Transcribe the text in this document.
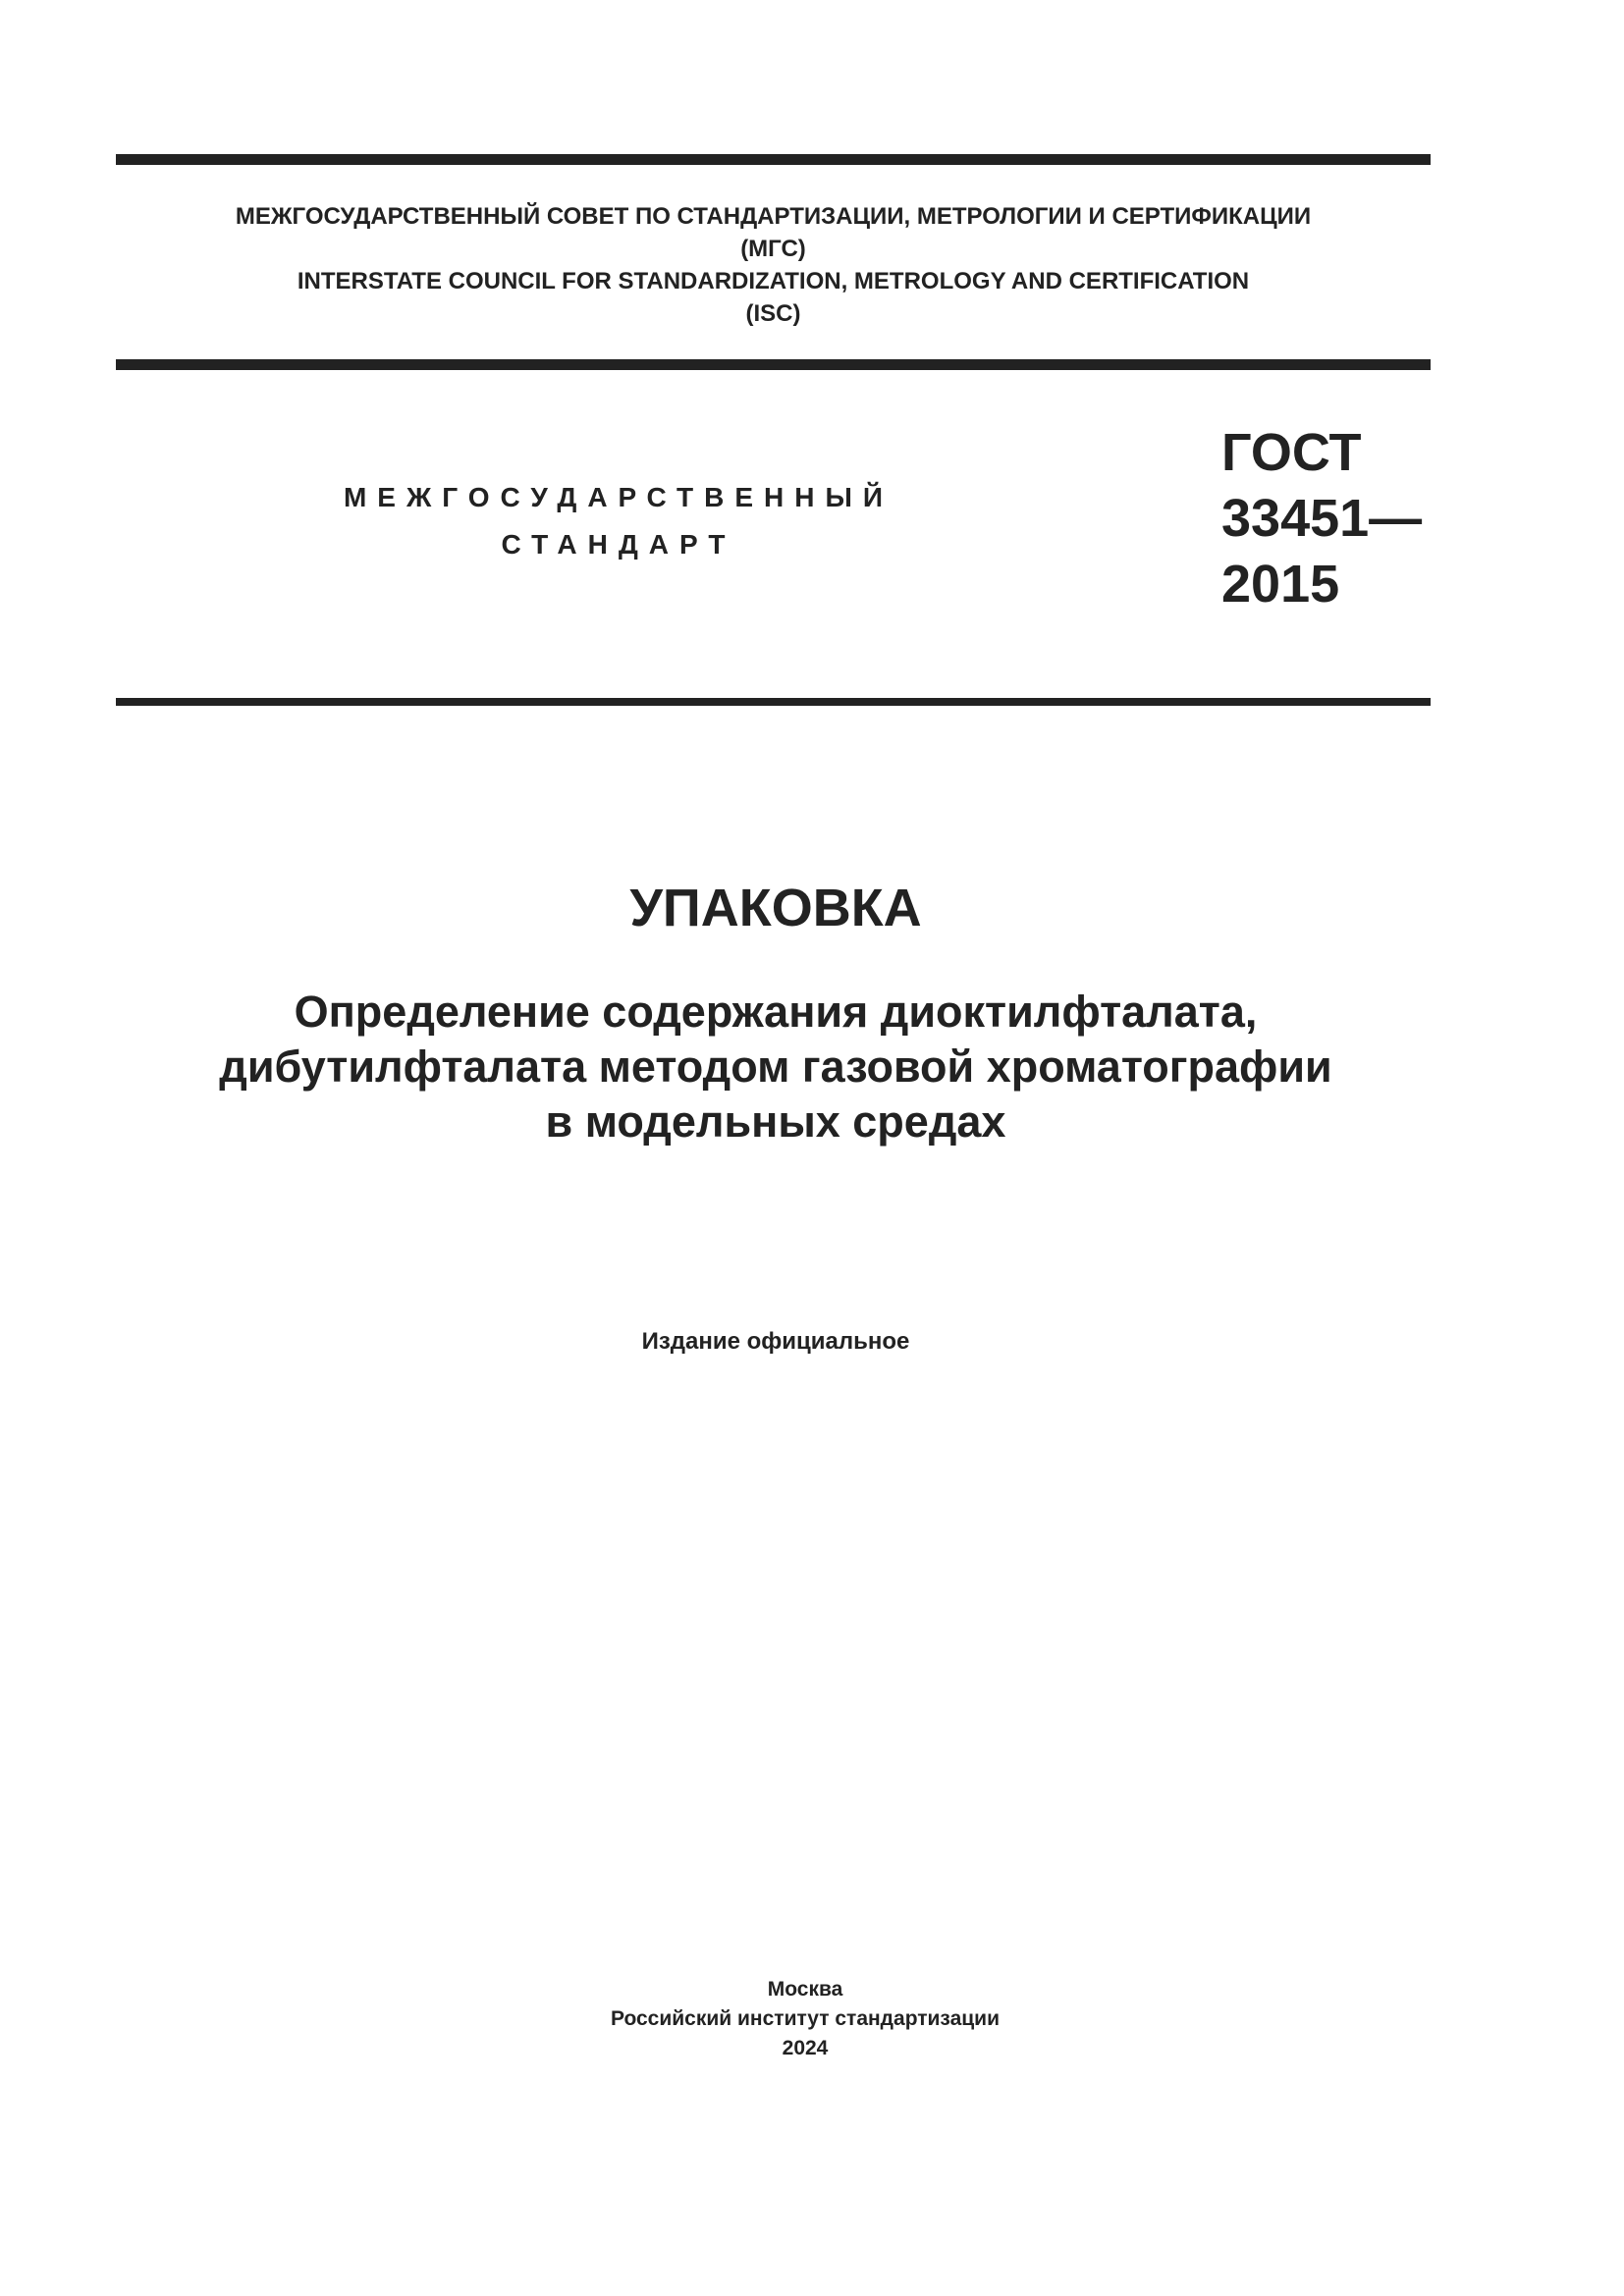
МЕЖГОСУДАРСТВЕННЫЙ СОВЕТ ПО СТАНДАРТИЗАЦИИ, МЕТРОЛОГИИ И СЕРТИФИКАЦИИ
(МГС)
INTERSTATE COUNCIL FOR STANDARDIZATION, METROLOGY AND CERTIFICATION
(ISC)
МЕЖГОСУДАРСТВЕННЫЙ
СТАНДАРТ
ГОСТ
33451—
2015
УПАКОВКА
Определение содержания диоктилфталата,
дибутилфталата методом газовой хроматографии
в модельных средах
Издание официальное
Москва
Российский институт стандартизации
2024
